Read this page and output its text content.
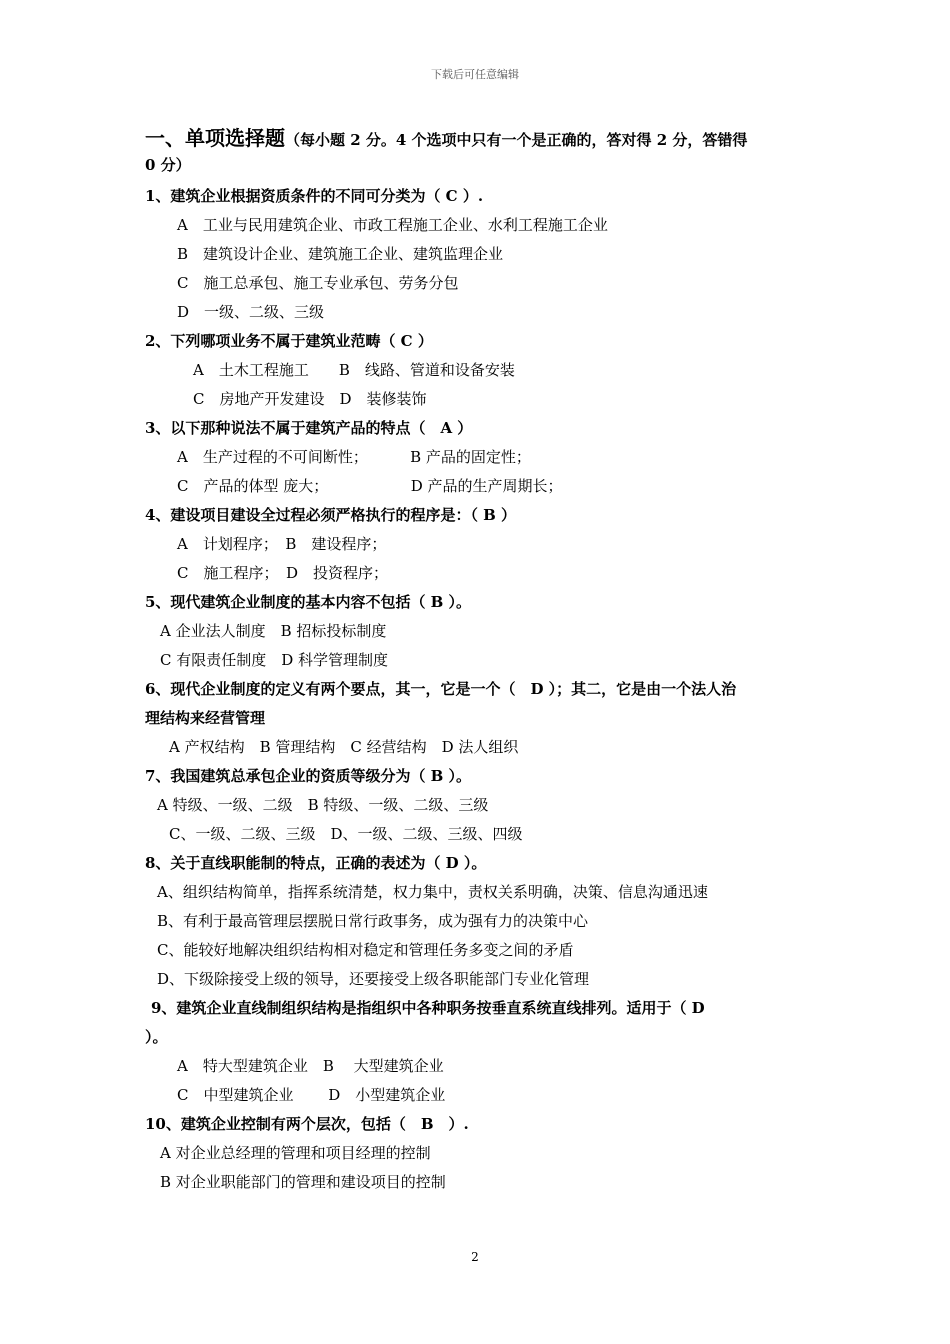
下载后可任意编辑
一、单项选择题（每小题 2 分。4 个选项中只有一个是正确的，答对得 2 分，答错得
0 分）
1、建筑企业根据资质条件的不同可分类为（ C ）.
A　工业与民用建筑企业、市政工程施工企业、水利工程施工企业
B　建筑设计企业、建筑施工企业、建筑监理企业
C　施工总承包、施工专业承包、劳务分包
D　一级、二级、三级
2、下列哪项业务不属于建筑业范畴（ C ）
A　土木工程施工　　B　线路、管道和设备安装
C　房地产开发建设　D　装修装饰
3、以下那种说法不属于建筑产品的特点（　A ）
A　生产过程的不可间断性；　　　 B 产品的固定性；
C　产品的体型 庞大；　　　　　　D 产品的生产周期长；
4、建设项目建设全过程必须严格执行的程序是：（ B ）
A　计划程序；　B　建设程序；
C　施工程序；　D　投资程序；
5、现代建筑企业制度的基本内容不包括（ B ）。
A 企业法人制度　B 招标投标制度
C 有限责任制度　D 科学管理制度
6、现代企业制度的定义有两个要点，其一，它是一个（　D ）；其二，它是由一个法人治
理结构来经营管理
A 产权结构　B 管理结构　C 经营结构　D 法人组织
7、我国建筑总承包企业的资质等级分为（ B ）。
A 特级、一级、二级　B 特级、一级、二级、三级
C、一级、二级、三级　D、一级、二级、三级、四级
8、关于直线职能制的特点，正确的表述为（ D ）。
A、组织结构简单，指挥系统清楚，权力集中，责权关系明确，决策、信息沟通迅速
B、有利于最高管理层摆脱日常行政事务，成为强有力的决策中心
C、能较好地解决组织结构相对稳定和管理任务多变之间的矛盾
D、下级除接受上级的领导，还要接受上级各职能部门专业化管理
9、建筑企业直线制组织结构是指组织中各种职务按垂直系统直线排列。适用于（ D
）。
A　特大型建筑企业　B　 大型建筑企业
C　中型建筑企业　　 D　小型建筑企业
10、建筑企业控制有两个层次，包括（　B　）.
A 对企业总经理的管理和项目经理的控制
B 对企业职能部门的管理和建设项目的控制
2
